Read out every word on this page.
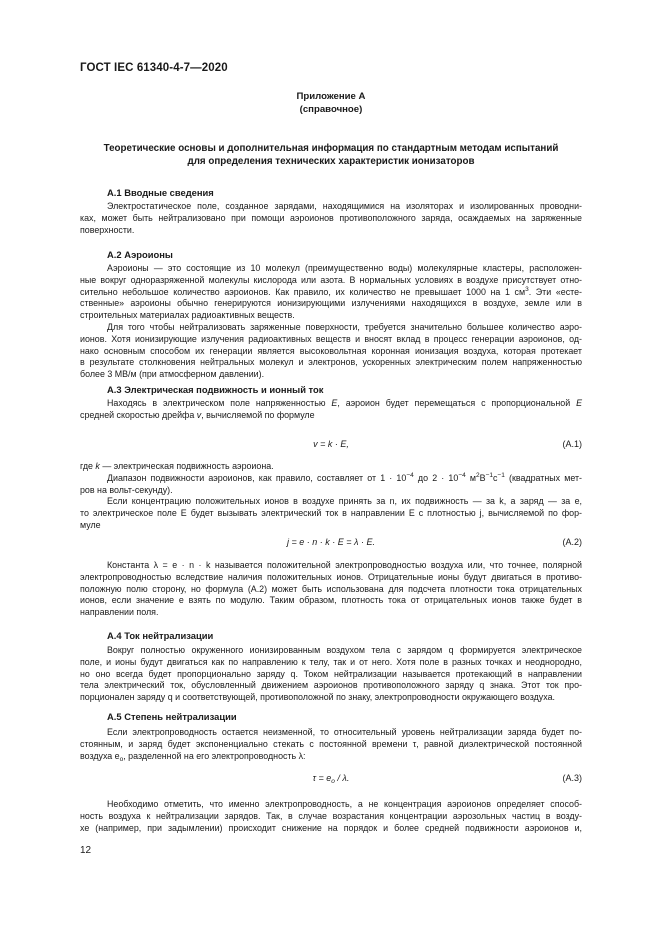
ГОСТ IEC 61340-4-7—2020
Приложение А
(справочное)
Теоретические основы и дополнительная информация по стандартным методам испытаний
для определения технических характеристик ионизаторов
А.1 Вводные сведения
Электростатическое поле, созданное зарядами, находящимися на изоляторах и изолированных проводни-
ках, может быть нейтрализовано при помощи аэроионов противоположного заряда, осаждаемых на заряженные
поверхности.
А.2 Аэроионы
Аэроионы — это состоящие из 10 молекул (преимущественно воды) молекулярные кластеры, расположен-
ные вокруг одноразряженной молекулы кислорода или азота. В нормальных условиях в воздухе присутствует отно-
сительно небольшое количество аэроионов. Как правило, их количество не превышает 1000 на 1 $см^3$. Эти «есте-
ственные» аэроионы обычно генерируются ионизирующими излучениями находящихся в воздухе, земле или в
строительных материалах радиоактивных веществ.
Для того чтобы нейтрализовать заряженные поверхности, требуется значительно большее количество аэро-
ионов. Хотя ионизирующие излучения радиоактивных веществ и вносят вклад в процесс генерации аэроионов, од-
нако основным способом их генерации является высоковольтная коронная ионизация воздуха, которая протекает
в результате столкновения нейтральных молекул и электронов, ускоренных электрическим полем напряженностью
более 3 МВ/м (при атмосферном давлении).
А.3 Электрическая подвижность и ионный ток
Находясь в электрическом поле напряженностью E, аэроион будет перемещаться с пропорциональной E
средней скоростью дрейфа v, вычисляемой по формуле
v = k · E,	(А.1)
где k — электрическая подвижность аэроиона.
Диапазон подвижности аэроионов, как правило, составляет от $1 \cdot 10^{-4}$ до $2 \cdot 10^{-4}$ $м^2В^{-1}с^{-1}$ (квадратных мет-
ров на вольт-секунду).
Если концентрацию положительных ионов в воздухе принять за n, их подвижность — за k, а заряд — за e,
то электрическое поле E будет вызывать электрический ток в направлении E с плотностью j, вычисляемой по фор-
муле
j = e · n · k · E = λ · E.	(А.2)
Константа λ = e · n · k называется положительной электропроводностью воздуха или, что точнее, полярной
электропроводностью вследствие наличия положительных ионов. Отрицательные ионы будут двигаться в противо-
положную полю сторону, но формула (А.2) может быть использована для подсчета плотности тока отрицательных
ионов, если значение e взять по модулю. Таким образом, плотность тока от отрицательных ионов также будет в
направлении поля.
А.4 Ток нейтрализации
Вокруг полностью окруженного ионизированным воздухом тела с зарядом q формируется электрическое
поле, и ионы будут двигаться как по направлению к телу, так и от него. Хотя поле в разных точках и неоднородно,
но оно всегда будет пропорционально заряду q. Током нейтрализации называется протекающий в направлении
тела электрический ток, обусловленный движением аэроионов противоположного заряду q знака. Этот ток про-
порционален заряду q и соответствующей, противоположной по знаку, электропроводности окружающего воздуха.
А.5 Степень нейтрализации
Если электропроводность остается неизменной, то относительный уровень нейтрализации заряда будет по-
стоянным, и заряд будет экспоненциально стекать с постоянной времени τ, равной диэлектрической постоянной
воздуха $e_o$, разделенной на его электропроводность λ:
$\tau = e_o / \lambda$.	(А.3)
Необходимо отметить, что именно электропроводность, а не концентрация аэроионов определяет способ-
ность воздуха к нейтрализации зарядов. Так, в случае возрастания концентрации аэрозольных частиц в возду-
хе (например, при задымлении) происходит снижение на порядок и более средней подвижности аэроионов и,
12
